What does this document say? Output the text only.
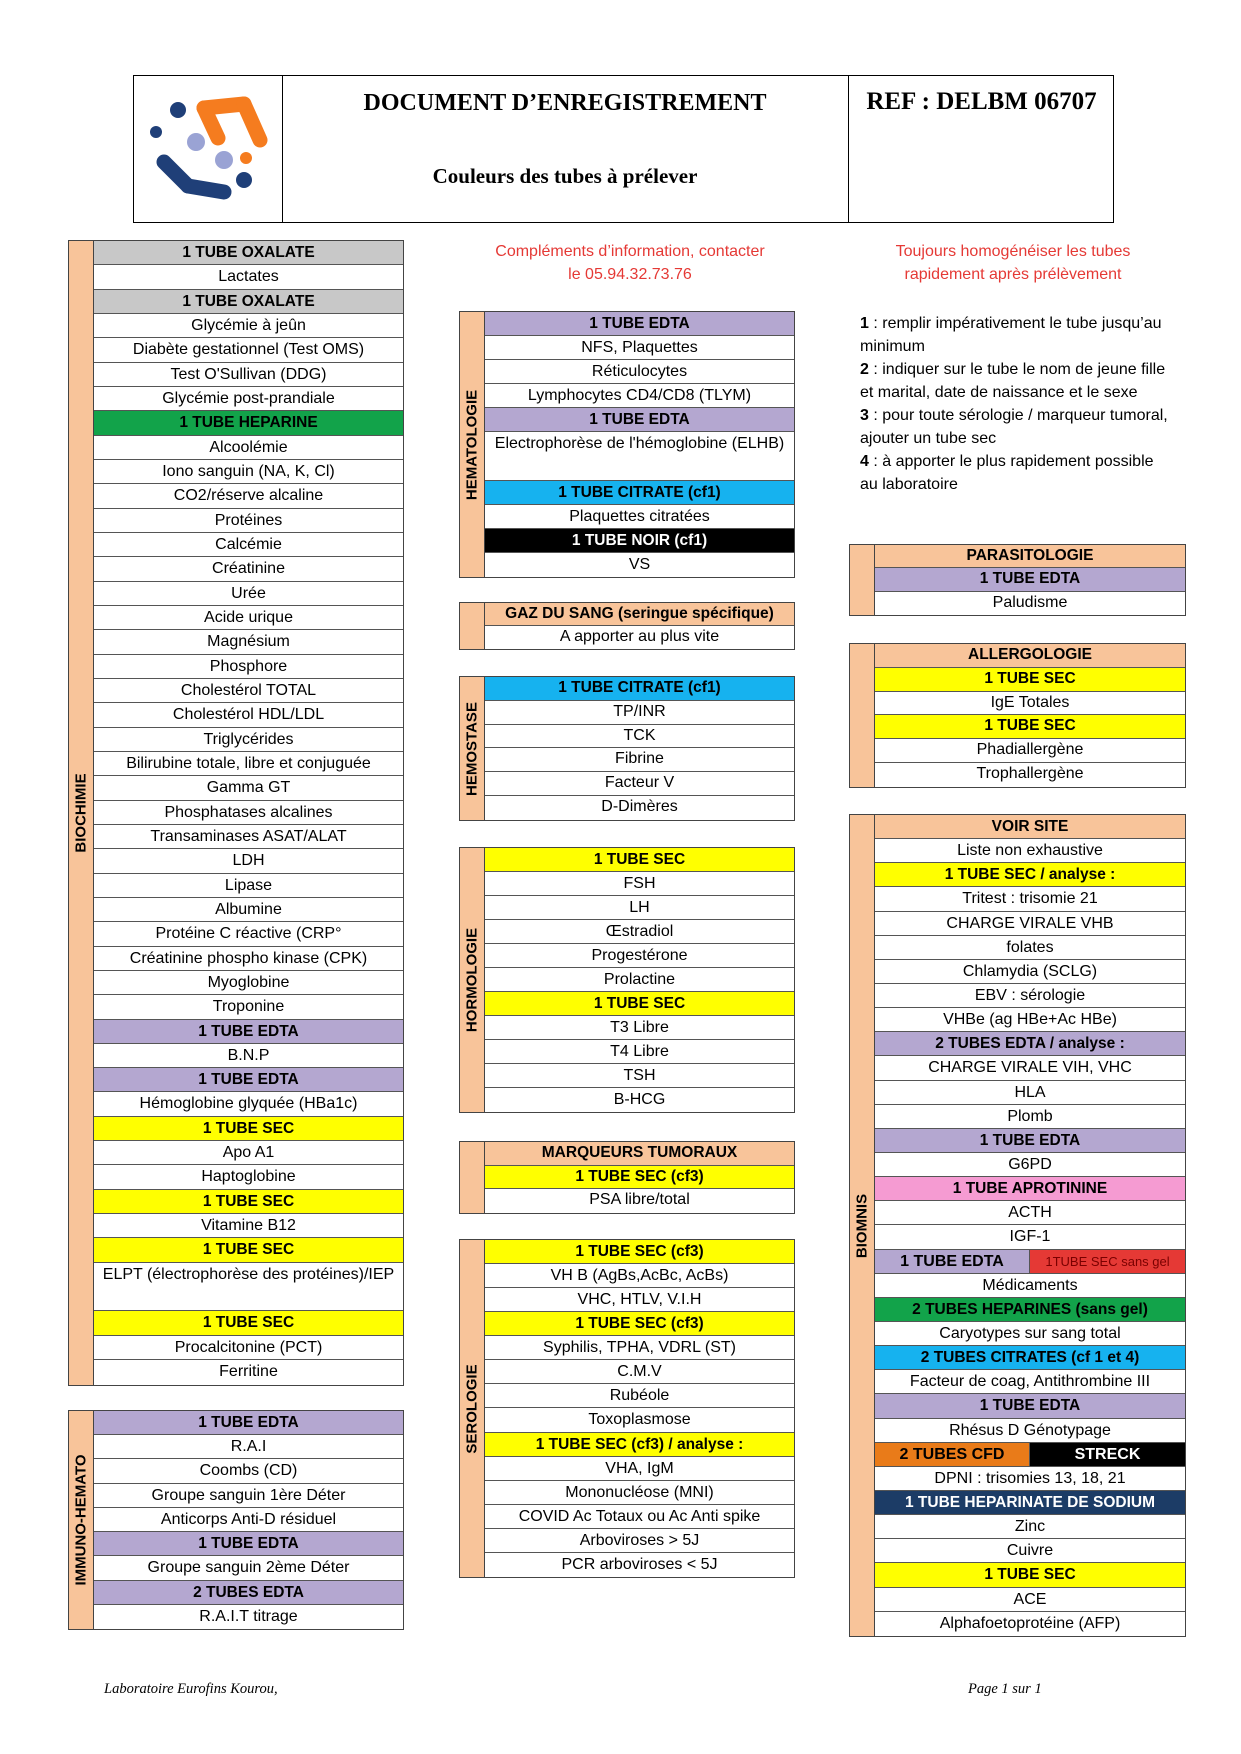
DOCUMENT D’ENREGISTREMENT
Couleurs des tubes à prélever
REF : DELBM 06707
Compléments d’information, contacter
le 05.94.32.73.76
Toujours homogénéiser les tubes
rapidement après prélèvement
1 : remplir impérativement le tube jusqu’au minimum
2 : indiquer sur le tube le nom de jeune fille et marital, date de naissance et le sexe
3 : pour toute sérologie / marqueur tumoral, ajouter un tube sec
4 : à apporter le plus rapidement possible au laboratoire
BIOCHIMIE
1 TUBE OXALATE
Lactates
1 TUBE OXALATE
Glycémie à jeûn
Diabète gestationnel (Test OMS)
Test O'Sullivan (DDG)
Glycémie post-prandiale
1 TUBE HEPARINE
Alcoolémie
Iono sanguin (NA, K, Cl)
CO2/réserve alcaline
Protéines
Calcémie
Créatinine
Urée
Acide urique
Magnésium
Phosphore
Cholestérol TOTAL
Cholestérol HDL/LDL
Triglycérides
Bilirubine totale, libre et conjuguée
Gamma GT
Phosphatases alcalines
Transaminases ASAT/ALAT
LDH
Lipase
Albumine
Protéine C réactive (CRP°
Créatinine phospho kinase (CPK)
Myoglobine
Troponine
1 TUBE EDTA
B.N.P
1 TUBE EDTA
Hémoglobine glyquée (HBa1c)
1 TUBE SEC
Apo A1
Haptoglobine
1 TUBE SEC
Vitamine B12
1 TUBE SEC
ELPT (électrophorèse des protéines)/IEP
1 TUBE SEC
Procalcitonine (PCT)
Ferritine
IMMUNO-HEMATO
1 TUBE EDTA
R.A.I
Coombs (CD)
Groupe sanguin 1ère Déter
Anticorps Anti-D résiduel
1 TUBE EDTA
Groupe sanguin 2ème Déter
2 TUBES EDTA
R.A.I.T titrage
HEMATOLOGIE
1 TUBE EDTA
NFS, Plaquettes
Réticulocytes
Lymphocytes CD4/CD8 (TLYM)
1 TUBE EDTA
Electrophorèse de l'hémoglobine (ELHB)
1 TUBE CITRATE (cf1)
Plaquettes citratées
1 TUBE NOIR (cf1)
VS
GAZ DU SANG (seringue spécifique)
A apporter au plus vite
HEMOSTASE
1 TUBE CITRATE (cf1)
TP/INR
TCK
Fibrine
Facteur V
D-Dimères
HORMOLOGIE
1 TUBE SEC
FSH
LH
Œstradiol
Progestérone
Prolactine
1 TUBE SEC
T3 Libre
T4 Libre
TSH
B-HCG
MARQUEURS TUMORAUX
1 TUBE SEC (cf3)
PSA libre/total
SEROLOGIE
1 TUBE SEC (cf3)
VH B (AgBs,AcBc, AcBs)
VHC, HTLV, V.I.H
1 TUBE SEC (cf3)
Syphilis, TPHA, VDRL (ST)
C.M.V
Rubéole
Toxoplasmose
1 TUBE SEC (cf3) / analyse :
VHA, IgM
Mononucléose (MNI)
COVID Ac Totaux ou Ac Anti spike
Arboviroses > 5J
PCR arboviroses < 5J
PARASITOLOGIE
1 TUBE EDTA
Paludisme
ALLERGOLOGIE
1 TUBE SEC
IgE Totales
1 TUBE SEC
Phadiallergène
Trophallergène
BIOMNIS
VOIR SITE
Liste non exhaustive
1 TUBE SEC / analyse :
Tritest : trisomie 21
CHARGE VIRALE VHB
folates
Chlamydia (SCLG)
EBV : sérologie
VHBe (ag HBe+Ac HBe)
2 TUBES EDTA / analyse :
CHARGE VIRALE VIH, VHC
HLA
Plomb
1 TUBE EDTA
G6PD
1 TUBE APROTININE
ACTH
IGF-1
1 TUBE EDTA	1TUBE SEC sans gel
Médicaments
2 TUBES HEPARINES (sans gel)
Caryotypes sur sang total
2 TUBES CITRATES (cf 1 et 4)
Facteur de coag, Antithrombine III
1 TUBE EDTA
Rhésus D Génotypage
2 TUBES CFD	STRECK
DPNI : trisomies 13, 18, 21
1 TUBE HEPARINATE DE SODIUM
Zinc
Cuivre
1 TUBE SEC
ACE
Alphafoetoprotéine (AFP)
Laboratoire Eurofins Kourou,	Page 1 sur 1
